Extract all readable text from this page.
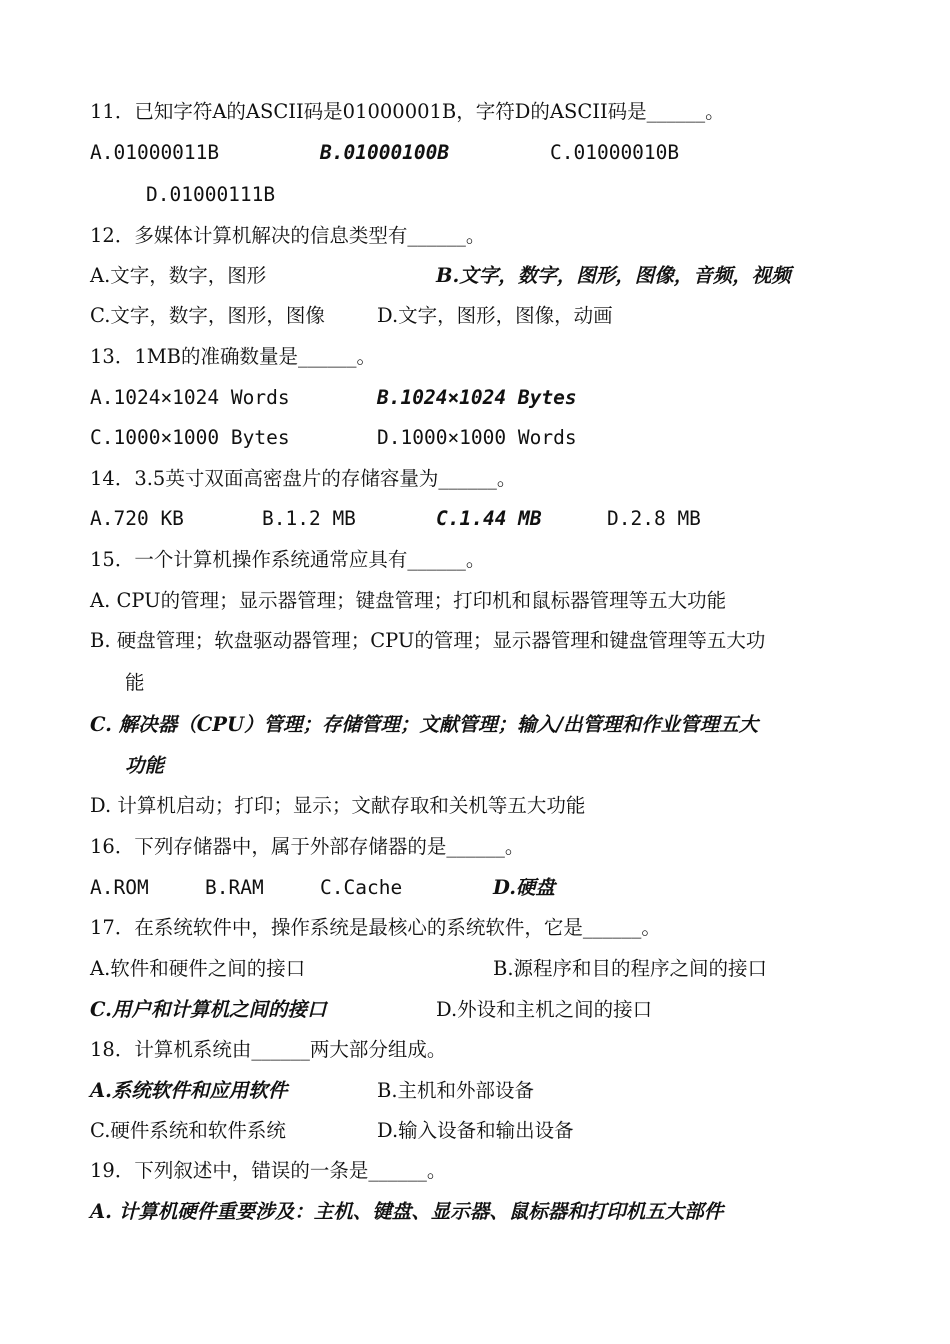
11．已知字符A的ASCII码是01000001B，字符D的ASCII码是______。
A.01000011B	B.01000100B	C.01000010B
D.01000111B
12．多媒体计算机解决的信息类型有______。
A.文字，数字，图形	B.文字，数字，图形，图像，音频，视频
C.文字，数字，图形，图像	D.文字，图形，图像，动画
13．1MB的准确数量是______。
A.1024×1024 Words	B.1024×1024 Bytes
C.1000×1000 Bytes	D.1000×1000 Words
14．3.5英寸双面高密盘片的存储容量为______。
A.720 KB	B.1.2 MB	C.1.44 MB	D.2.8 MB
15．一个计算机操作系统通常应具有______。
A. CPU的管理；显示器管理；键盘管理；打印机和鼠标器管理等五大功能
B. 硬盘管理；软盘驱动器管理；CPU的管理；显示器管理和键盘管理等五大功
能
C. 解决器（CPU）管理；存储管理；文献管理；输入/出管理和作业管理五大
功能
D. 计算机启动；打印；显示；文献存取和关机等五大功能
16．下列存储器中，属于外部存储器的是______。
A.ROM	B.RAM	C.Cache	D.硬盘
17．在系统软件中，操作系统是最核心的系统软件，它是______。
A.软件和硬件之间的接口	B.源程序和目的程序之间的接口
C.用户和计算机之间的接口	D.外设和主机之间的接口
18．计算机系统由______两大部分组成。
A.系统软件和应用软件	B.主机和外部设备
C.硬件系统和软件系统	D.输入设备和输出设备
19．下列叙述中，错误的一条是______。
A. 计算机硬件重要涉及：主机、键盘、显示器、鼠标器和打印机五大部件
